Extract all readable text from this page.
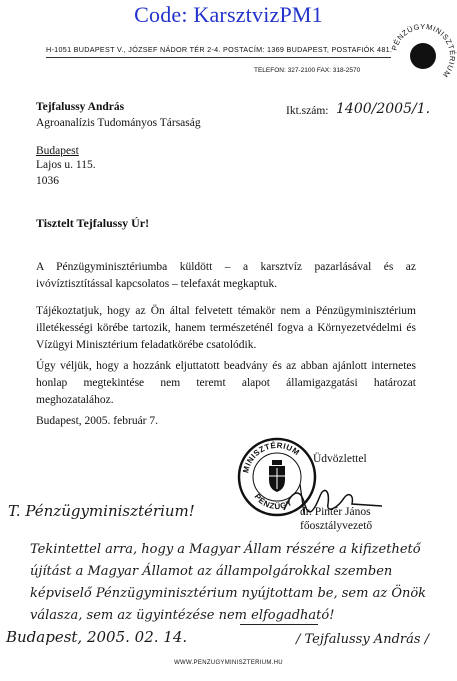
Code: KarsztvizPM1
H-1051 BUDAPEST V., JÓZSEF NÁDOR TÉR 2-4. POSTACÍM: 1369 BUDAPEST, POSTAFIÓK 481.
TELEFON: 327-2100 FAX: 318-2570
PÉNZÜGYMINISZTÉRIUM
Tejfalussy András
Agroanalízis Tudományos Társaság
Budapest
Lajos u. 115.
1036
Ikt.szám: 1400/2005/1.
Tisztelt Tejfalussy Úr!
A Pénzügyminisztériumba küldött – a karsztvíz pazarlásával és az ivóvíztisztítással kapcsolatos – telefaxát megkaptuk.
Tájékoztatjuk, hogy az Ön által felvetett témakör nem a Pénzügyminisztérium illetékességi körébe tartozik, hanem természeténél fogva a Környezetvédelmi és Vízügyi Minisztérium feladatkörébe csatolódik.
Úgy véljük, hogy a hozzánk eljuttatott beadvány és az abban ajánlott internetes honlap megtekintése nem teremt alapot államigazgatási határozat meghozatalához.
Budapest, 2005. február 7.
MINISZTÉRIUM
PÉNZÜGY
Üdvözlettel
dr. Pintér János
főosztályvezető
T. Pénzügyminisztérium!
Tekintettel arra, hogy a Magyar Állam részére a kifizethető
újítást a Magyar Államot az állampolgárokkal szemben
képviselő Pénzügyminisztérium nyújtottam be, sem az Önök
válasza, sem az ügyintézése nem elfogadható!
Budapest, 2005. 02. 14.	/ Tejfalussy András /
WWW.PENZUGYMINISZTERIUM.HU
